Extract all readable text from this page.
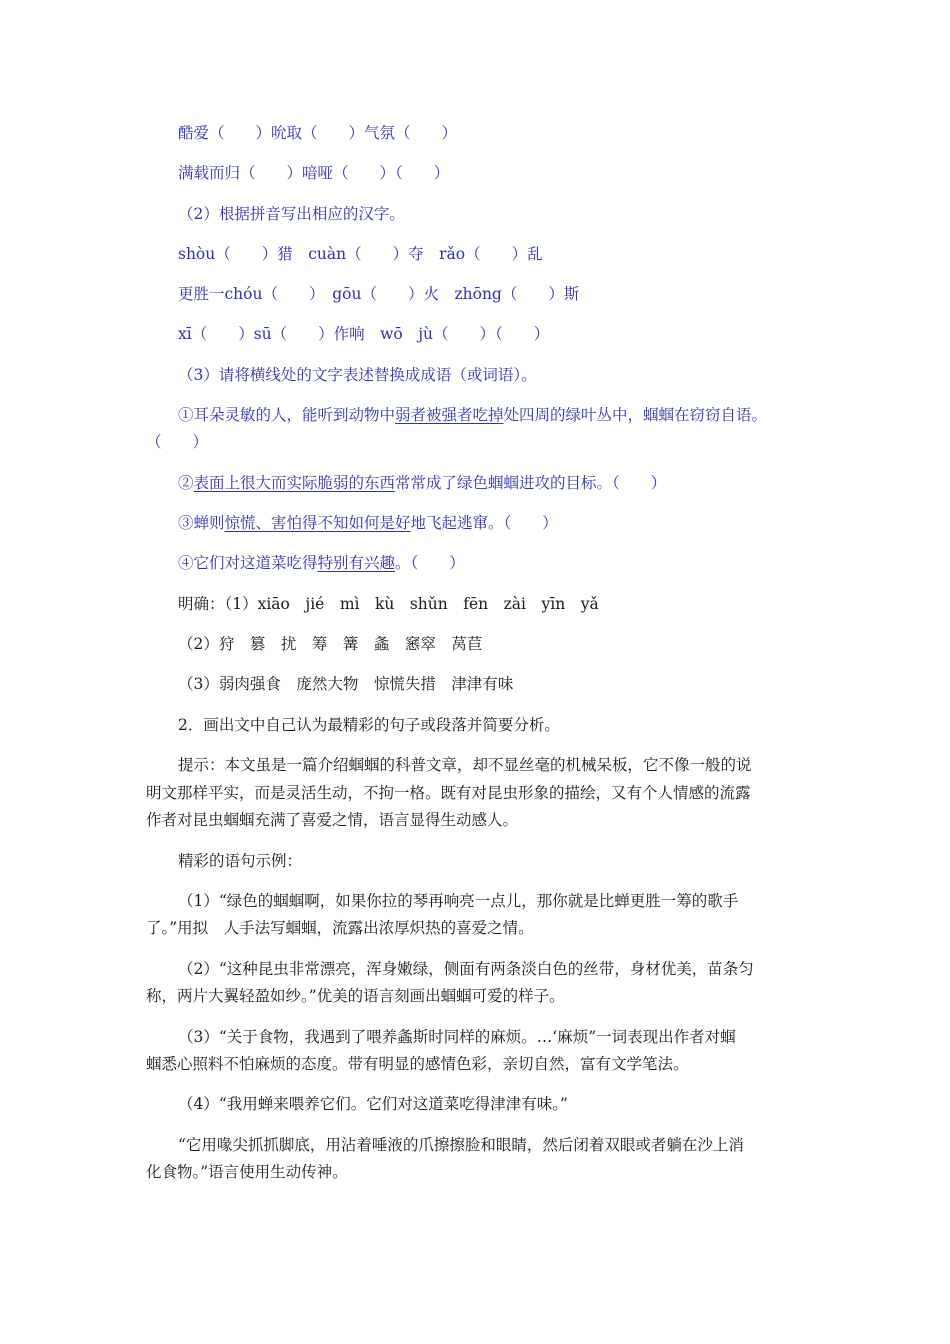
酷爱（　　）吮取（　　）气氛（　　）
满载而归（　　）喑哑（　　）（　　）
（2）根据拼音写出相应的汉字。
shòu（　　）猎　cuàn（　　）夺　rǎo（　　）乱
更胜一chóu（　　）　gōu（　　）火　zhōng（　　）斯
xī（　　）sū（　　）作响　wō　jù（　　）（　　）
（3）请将横线处的文字表述替换成成语（或词语）。
①耳朵灵敏的人，能听到动物中弱者被强者吃掉处四周的绿叶丛中，蝈蝈在窃窃自语。
（　　）
②表面上很大而实际脆弱的东西常常成了绿色蝈蝈进攻的目标。（　　）
③蝉则惊慌、害怕得不知如何是好地飞起逃窜。（　　）
④它们对这道菜吃得特别有兴趣。（　　）
明确：（1）xiāo　jié　mì　kù　shǔn　fēn　zài　yīn　yǎ
（2）狩　篡　扰　筹　篝　螽　窸窣　莴苣
（3）弱肉强食　庞然大物　惊慌失措　津津有味
2．画出文中自己认为最精彩的句子或段落并简要分析。
提示：本文虽是一篇介绍蝈蝈的科普文章，却不显丝毫的机械呆板，它不像一般的说
明文那样平实，而是灵活生动，不拘一格。既有对昆虫形象的描绘，又有个人情感的流露
作者对昆虫蝈蝈充满了喜爱之情，语言显得生动感人。
精彩的语句示例：
（1）“绿色的蝈蝈啊，如果你拉的琴再响亮一点儿，那你就是比蝉更胜一筹的歌手
了。”用拟　人手法写蝈蝈，流露出浓厚炽热的喜爱之情。
（2）“这种昆虫非常漂亮，浑身嫩绿，侧面有两条淡白色的丝带，身材优美，苗条匀
称，两片大翼轻盈如纱。”优美的语言刻画出蝈蝈可爱的样子。
（3）“关于食物，我遇到了喂养螽斯时同样的麻烦。…‘麻烦”一词表现出作者对蝈
蝈悉心照料不怕麻烦的态度。带有明显的感情色彩，亲切自然，富有文学笔法。
（4）“我用蝉来喂养它们。它们对这道菜吃得津津有味。”
“它用喙尖抓抓脚底，用沾着唾液的爪擦擦脸和眼睛，然后闭着双眼或者躺在沙上消
化食物。”语言使用生动传神。
